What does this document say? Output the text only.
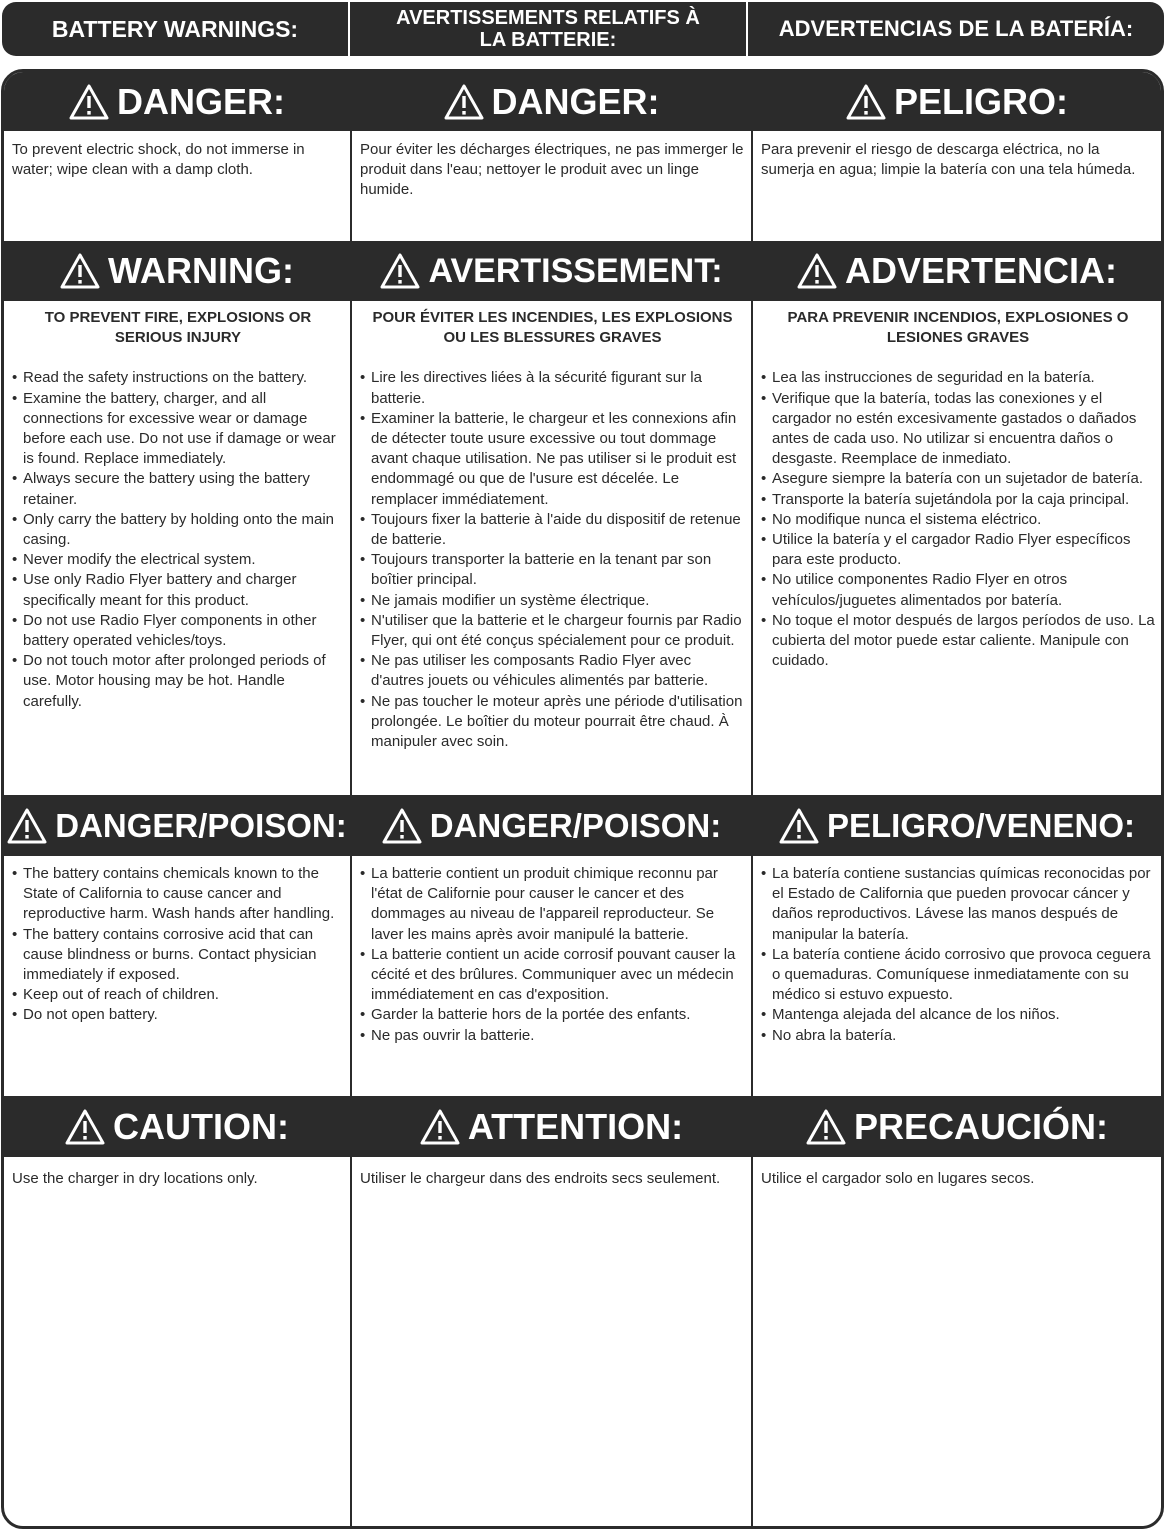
BATTERY WARNINGS:	AVERTISSEMENTS RELATIFS À
LA BATTERIE:	ADVERTENCIAS DE LA BATERÍA:
DANGER:
To prevent electric shock, do not immerse in water; wipe clean with a damp cloth.
WARNING:
TO PREVENT FIRE, EXPLOSIONS OR SERIOUS INJURY
• Read the safety instructions on the battery.
• Examine the battery, charger, and all connections for excessive wear or damage before each use. Do not use if damage or wear is found. Replace immediately.
• Always secure the battery using the battery retainer.
• Only carry the battery by holding onto the main casing.
• Never modify the electrical system.
• Use only Radio Flyer battery and charger specifically meant for this product.
• Do not use Radio Flyer components in other battery operated vehicles/toys.
• Do not touch motor after prolonged periods of use. Motor housing may be hot. Handle carefully.
DANGER/POISON:
• The battery contains chemicals known to the State of California to cause cancer and reproductive harm. Wash hands after handling.
• The battery contains corrosive acid that can cause blindness or burns. Contact physician immediately if exposed.
• Keep out of reach of children.
• Do not open battery.
CAUTION:
Use the charger in dry locations only.
DANGER:
Pour éviter les décharges électriques, ne pas immerger le produit dans l'eau; nettoyer le produit avec un linge humide.
AVERTISSEMENT:
POUR ÉVITER LES INCENDIES, LES EXPLOSIONS OU LES BLESSURES GRAVES
• Lire les directives liées à la sécurité figurant sur la batterie.
• Examiner la batterie, le chargeur et les connexions afin de détecter toute usure excessive ou tout dommage avant chaque utilisation. Ne pas utiliser si le produit est endommagé ou que de l'usure est décelée. Le remplacer immédiatement.
• Toujours fixer la batterie à l'aide du dispositif de retenue de batterie.
• Toujours transporter la batterie en la tenant par son boîtier principal.
• Ne jamais modifier un système électrique.
• N'utiliser que la batterie et le chargeur fournis par Radio Flyer, qui ont été conçus spécialement pour ce produit.
• Ne pas utiliser les composants Radio Flyer avec d'autres jouets ou véhicules alimentés par batterie.
• Ne pas toucher le moteur après une période d'utilisation prolongée. Le boîtier du moteur pourrait être chaud. À manipuler avec soin.
DANGER/POISON:
• La batterie contient un produit chimique reconnu par l'état de Californie pour causer le cancer et des dommages au niveau de l'appareil reproducteur. Se laver les mains après avoir manipulé la batterie.
• La batterie contient un acide corrosif pouvant causer la cécité et des brûlures. Communiquer avec un médecin immédiatement en cas d'exposition.
• Garder la batterie hors de la portée des enfants.
• Ne pas ouvrir la batterie.
ATTENTION:
Utiliser le chargeur dans des endroits secs seulement.
PELIGRO:
Para prevenir el riesgo de descarga eléctrica, no la sumerja en agua; limpie la batería con una tela húmeda.
ADVERTENCIA:
PARA PREVENIR INCENDIOS, EXPLOSIONES O LESIONES GRAVES
• Lea las instrucciones de seguridad en la batería.
• Verifique que la batería, todas las conexiones y el cargador no estén excesivamente gastados o dañados antes de cada uso. No utilizar si encuentra daños o desgaste. Reemplace de inmediato.
• Asegure siempre la batería con un sujetador de batería.
• Transporte la batería sujetándola por la caja principal.
• No modifique nunca el sistema eléctrico.
• Utilice la batería y el cargador Radio Flyer específicos para este producto.
• No utilice componentes Radio Flyer en otros vehículos/juguetes alimentados por batería.
• No toque el motor después de largos períodos de uso. La cubierta del motor puede estar caliente. Manipule con cuidado.
PELIGRO/VENENO:
• La batería contiene sustancias químicas reconocidas por el Estado de California que pueden provocar cáncer y daños reproductivos. Lávese las manos después de manipular la batería.
• La batería contiene ácido corrosivo que provoca ceguera o quemaduras. Comuníquese inmediatamente con su médico si estuvo expuesto.
• Mantenga alejada del alcance de los niños.
• No abra la batería.
PRECAUCIÓN:
Utilice el cargador solo en lugares secos.
